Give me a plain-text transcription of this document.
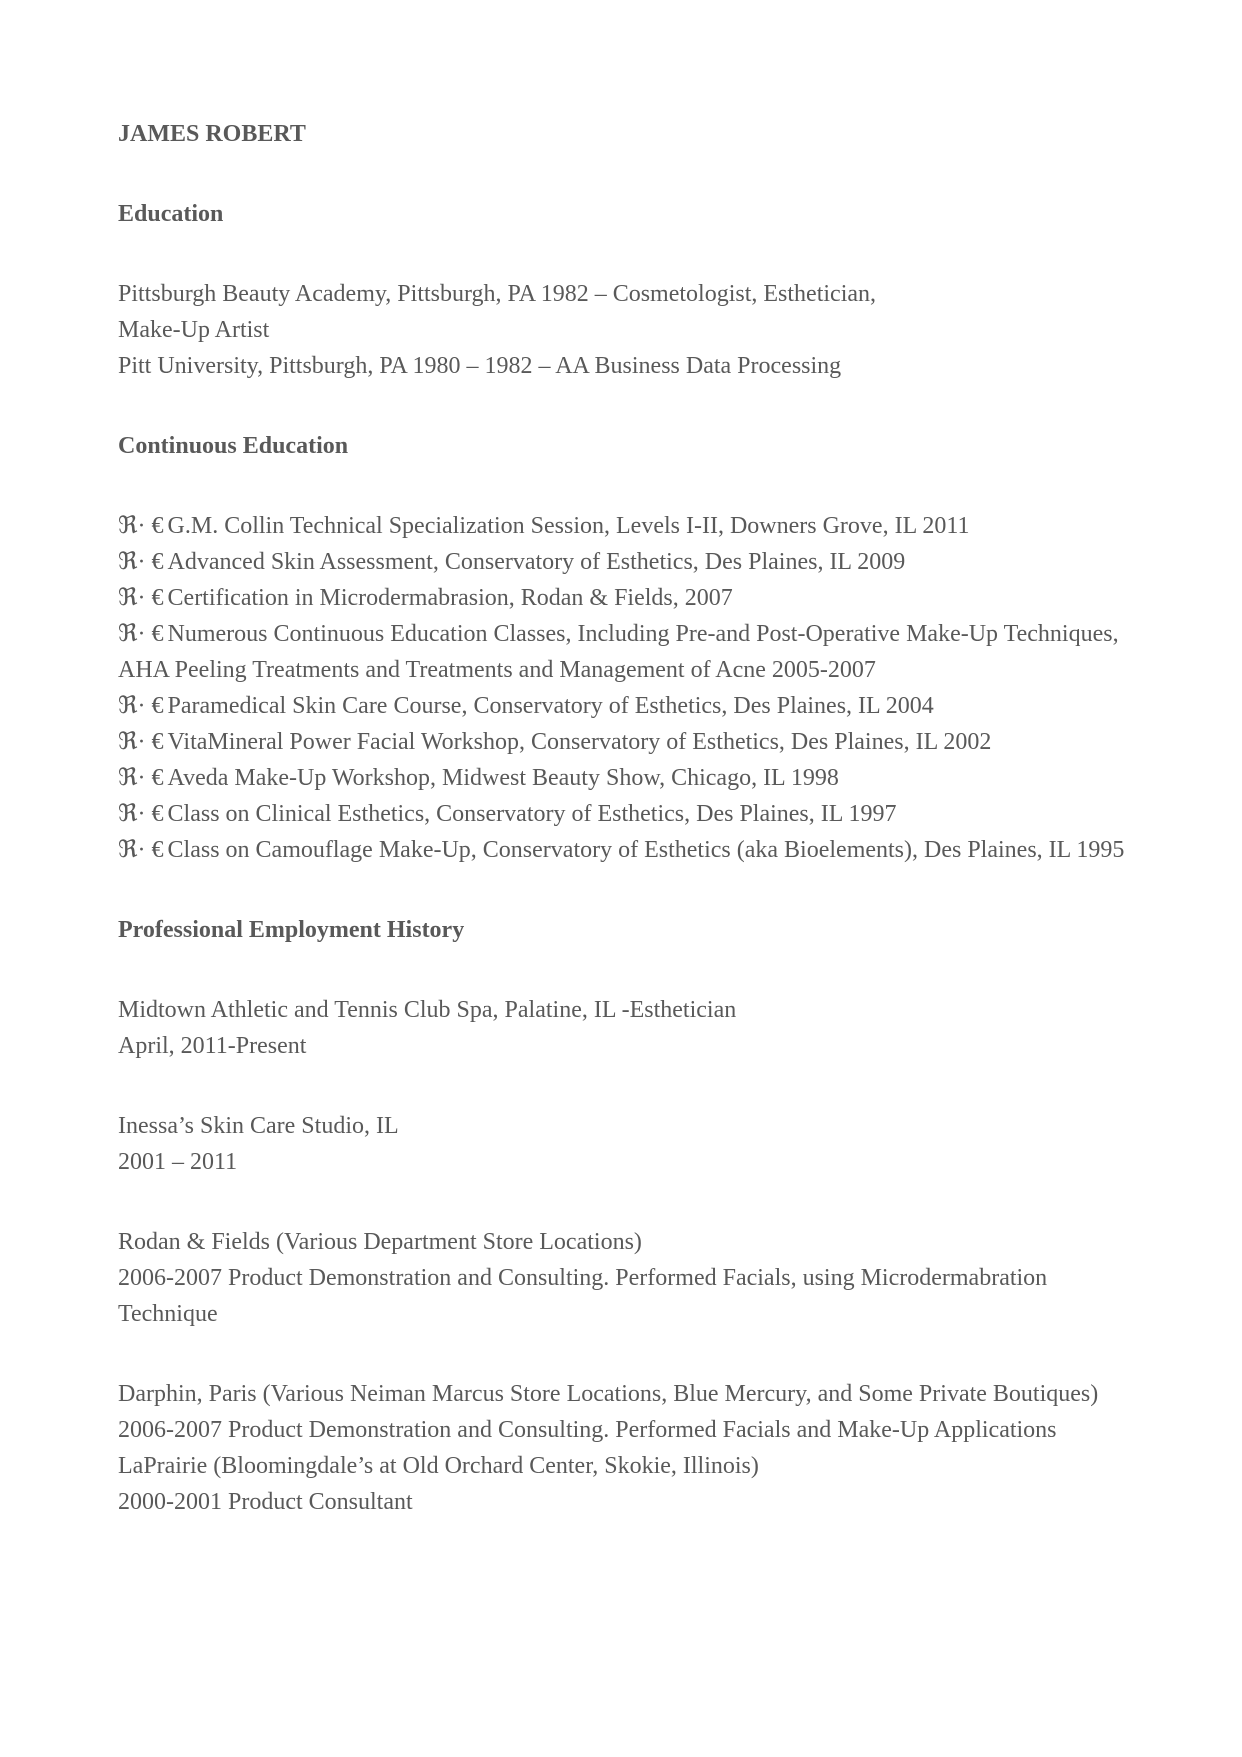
JAMES ROBERT

Education

Pittsburgh Beauty Academy, Pittsburgh, PA 1982 – Cosmetologist, Esthetician,

Make-Up Artist

Pitt University, Pittsburgh, PA 1980 – 1982 – AA Business Data Processing

Continuous Education

ℜ· € G.M. Collin Technical Specialization Session, Levels I-II, Downers Grove, IL 2011

ℜ· € Advanced Skin Assessment, Conservatory of Esthetics, Des Plaines, IL 2009

ℜ· € Certification in Microdermabrasion, Rodan & Fields, 2007

ℜ· € Numerous Continuous Education Classes, Including Pre-and Post-Operative Make-Up Techniques, AHA Peeling Treatments and Treatments and Management of Acne 2005-2007

ℜ· € Paramedical Skin Care Course, Conservatory of Esthetics, Des Plaines, IL 2004

ℜ· € VitaMineral Power Facial Workshop, Conservatory of Esthetics, Des Plaines, IL 2002

ℜ· € Aveda Make-Up Workshop, Midwest Beauty Show, Chicago, IL 1998

ℜ· € Class on Clinical Esthetics, Conservatory of Esthetics, Des Plaines, IL 1997

ℜ· € Class on Camouflage Make-Up, Conservatory of Esthetics (aka Bioelements), Des Plaines, IL 1995

Professional Employment History

Midtown Athletic and Tennis Club Spa, Palatine, IL -Esthetician

April, 2011-Present

Inessa’s Skin Care Studio, IL

2001 – 2011

Rodan & Fields (Various Department Store Locations)

2006-2007 Product Demonstration and Consulting. Performed Facials, using Microdermabration Technique

Darphin, Paris (Various Neiman Marcus Store Locations, Blue Mercury, and Some Private Boutiques) 2006-2007 Product Demonstration and Consulting. Performed Facials and Make-Up Applications

LaPrairie (Bloomingdale’s at Old Orchard Center, Skokie, Illinois)

2000-2001 Product Consultant
